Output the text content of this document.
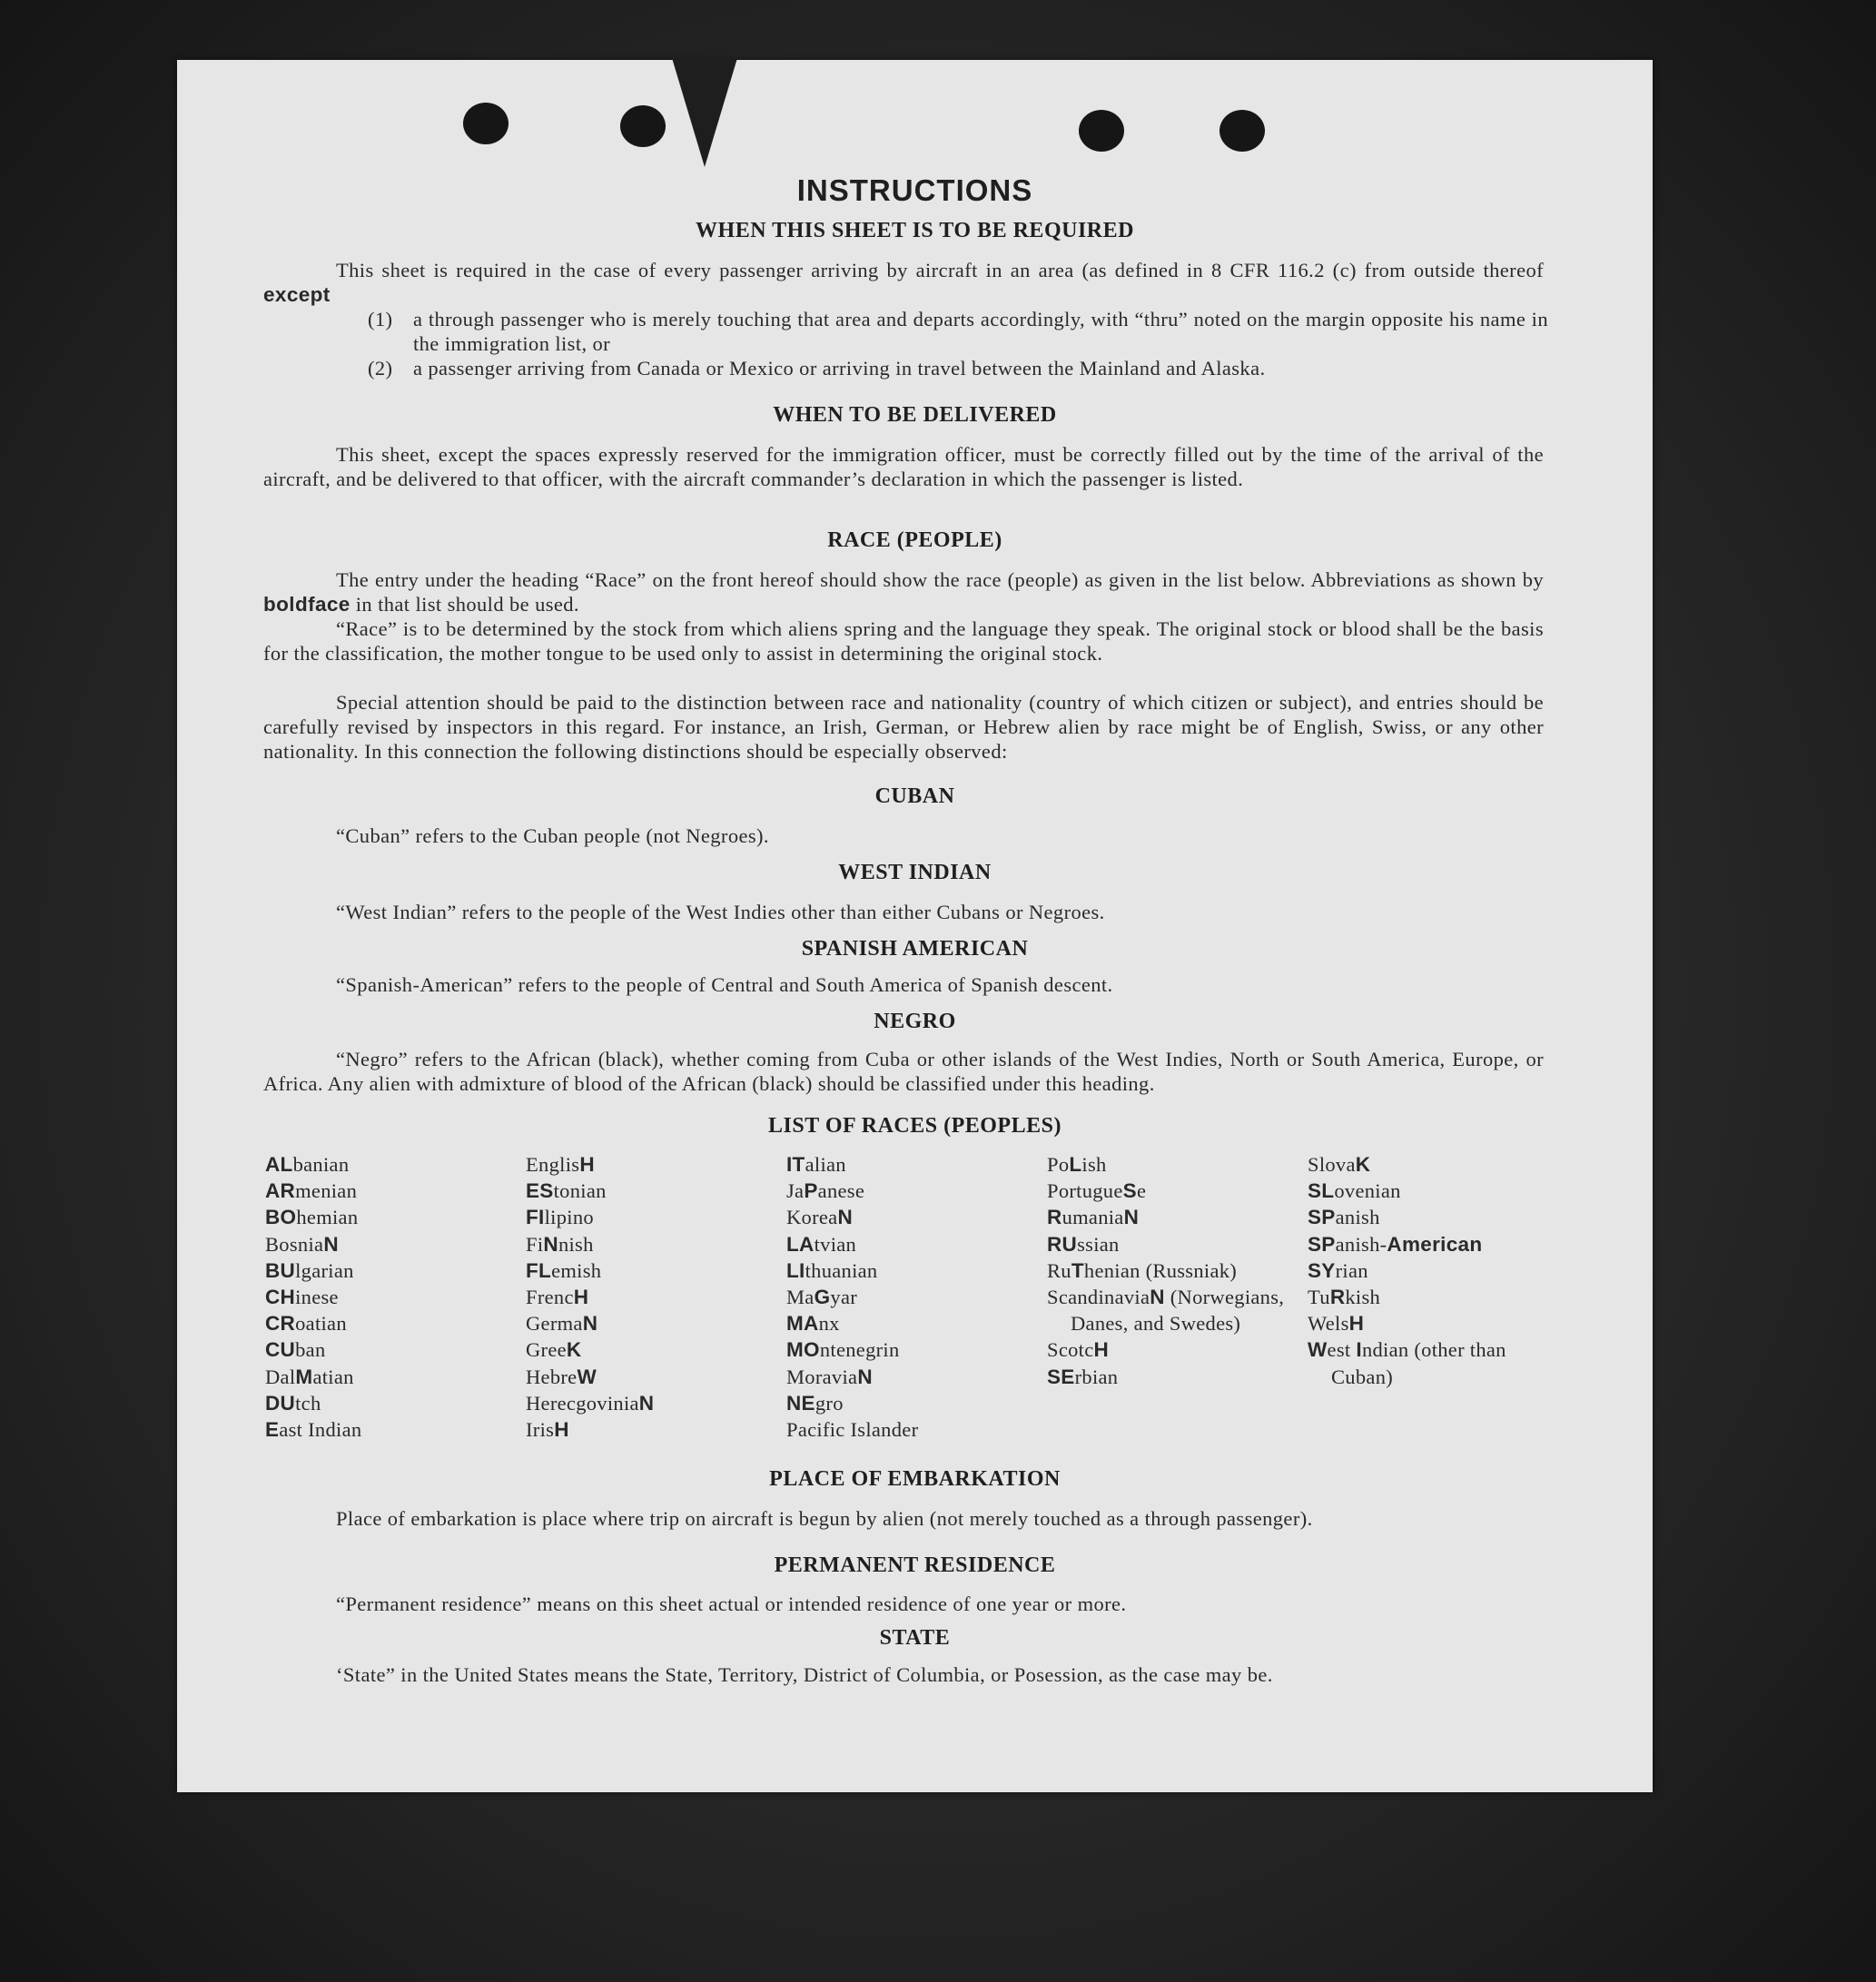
INSTRUCTIONS
WHEN THIS SHEET IS TO BE REQUIRED
This sheet is required in the case of every passenger arriving by aircraft in an area (as defined in 8 CFR 116.2 (c) from outside thereof except
(1)	a through passenger who is merely touching that area and departs accordingly, with “thru” noted on the margin opposite his name in the immigration list, or
(2)	a passenger arriving from Canada or Mexico or arriving in travel between the Mainland and Alaska.
WHEN TO BE DELIVERED
This sheet, except the spaces expressly reserved for the immigration officer, must be correctly filled out by the time of the arrival of the aircraft, and be delivered to that officer, with the aircraft commander’s declaration in which the passenger is listed.
RACE (PEOPLE)
The entry under the heading “Race” on the front hereof should show the race (people) as given in the list below. Abbreviations as shown by boldface in that list should be used.
“Race” is to be determined by the stock from which aliens spring and the language they speak. The original stock or blood shall be the basis for the classification, the mother tongue to be used only to assist in determining the original stock.
Special attention should be paid to the distinction between race and nationality (country of which citizen or subject), and entries should be carefully revised by inspectors in this regard. For instance, an Irish, German, or Hebrew alien by race might be of English, Swiss, or any other nationality. In this connection the following distinctions should be especially observed:
CUBAN
“Cuban” refers to the Cuban people (not Negroes).
WEST INDIAN
“West Indian” refers to the people of the West Indies other than either Cubans or Negroes.
SPANISH AMERICAN
“Spanish-American” refers to the people of Central and South America of Spanish descent.
NEGRO
“Negro” refers to the African (black), whether coming from Cuba or other islands of the West Indies, North or South America, Europe, or Africa. Any alien with admixture of blood of the African (black) should be classified under this heading.
LIST OF RACES (PEOPLES)
ALbanian
ARmenian
BOhemian
BosniaN
BUlgarian
CHinese
CRoatian
CUban
DalMatian
DUtch
East Indian
EnglisH
EStonian
FIlipino
FiNnish
FLemish
FrencH
GermaN
GreeK
HebreW
HerecgoviniaN
IrisH
ITalian
JaPanese
KoreaN
LAtvian
LIthuanian
MaGyar
MAnx
MOntenegrin
MoraviaN
NEgro
Pacific Islander
PoLish
PortugueSe
RumaniaN
RUssian
RuThenian (Russniak)
ScandinaviaN (Norwegians, Danes, and Swedes)
ScotcH
SErbian
SlovaK
SLovenian
SPanish
SPanish-American
SYrian
TuRkish
WelsH
West Indian (other than Cuban)
PLACE OF EMBARKATION
Place of embarkation is place where trip on aircraft is begun by alien (not merely touched as a through passenger).
PERMANENT RESIDENCE
“Permanent residence” means on this sheet actual or intended residence of one year or more.
STATE
‘State” in the United States means the State, Territory, District of Columbia, or Posession, as the case may be.
